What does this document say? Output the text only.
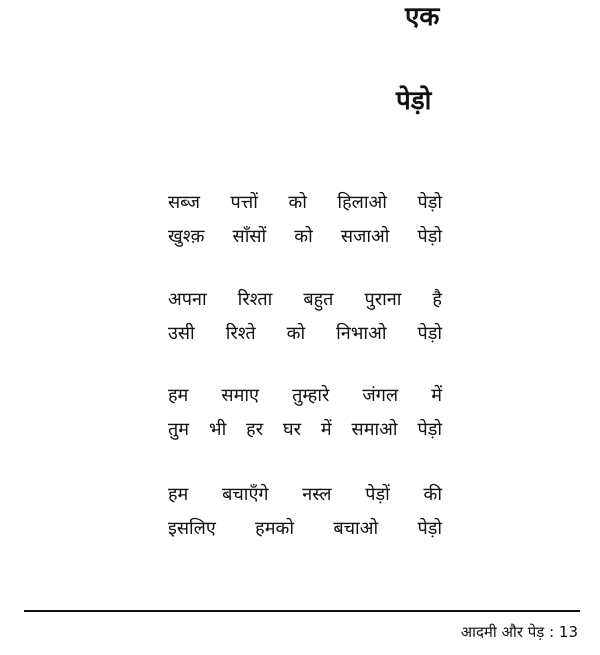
एक
पेड़ो
सब्ज पत्तों को हिलाओ पेड़ो
खुश्क़ साँसों को सजाओ पेड़ो
अपना रिश्ता बहुत पुराना है
उसी रिश्ते को निभाओ पेड़ो
हम समाए तुम्हारे जंगल में
तुम भी हर घर में समाओ पेड़ो
हम बचाएँगे नस्ल पेड़ों की
इसलिए हमको बचाओ पेड़ो
आदमी और पेड़ : 13
